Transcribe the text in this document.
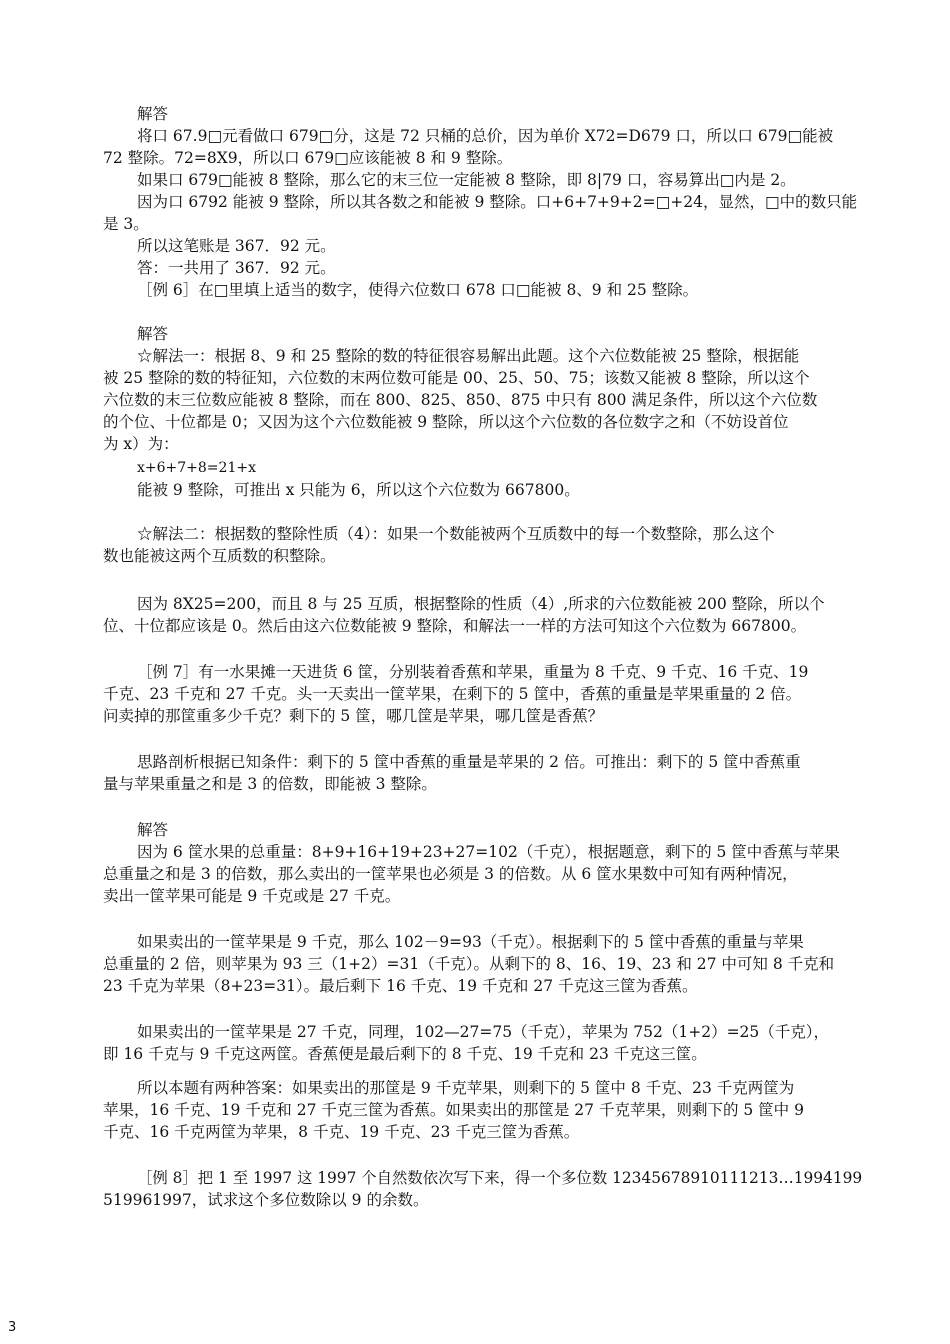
解答
将口 67.9□元看做口 679□分，这是 72 只桶的总价，因为单价 X72=D679 口，所以口 679□能被
72 整除。72=8X9，所以口 679□应该能被 8 和 9 整除。
如果口 679□能被 8 整除，那么它的末三位一定能被 8 整除，即 8|79 口，容易算出□内是 2。
因为口 6792 能被 9 整除，所以其各数之和能被 9 整除。口+6+7+9+2=□+24，显然，□中的数只能
是 3。
所以这笔账是 367．92 元。
答：一共用了 367．92 元。
［例 6］在□里填上适当的数字，使得六位数口 678 口□能被 8、9 和 25 整除。
解答
☆解法一：根据 8、9 和 25 整除的数的特征很容易解出此题。这个六位数能被 25 整除，根据能
被 25 整除的数的特征知，六位数的末两位数可能是 00、25、50、75；该数又能被 8 整除，所以这个
六位数的末三位数应能被 8 整除，而在 800、825、850、875 中只有 800 满足条件，所以这个六位数
的个位、十位都是 0；又因为这个六位数能被 9 整除，所以这个六位数的各位数字之和（不妨设首位
为 x）为：
x+6+7+8=21+x
能被 9 整除，可推出 x 只能为 6，所以这个六位数为 667800。
☆解法二：根据数的整除性质（4）：如果一个数能被两个互质数中的每一个数整除，那么这个
数也能被这两个互质数的积整除。
因为 8X25=200，而且 8 与 25 互质，根据整除的性质（4）,所求的六位数能被 200 整除，所以个
位、十位都应该是 0。然后由这六位数能被 9 整除，和解法一一样的方法可知这个六位数为 667800。
［例 7］有一水果摊一天进货 6 筐，分别装着香蕉和苹果，重量为 8 千克、9 千克、16 千克、19
千克、23 千克和 27 千克。头一天卖出一筐苹果，在剩下的 5 筐中，香蕉的重量是苹果重量的 2 倍。
问卖掉的那筐重多少千克？剩下的 5 筐，哪几筐是苹果，哪几筐是香蕉？
思路剖析根据已知条件：剩下的 5 筐中香蕉的重量是苹果的 2 倍。可推出：剩下的 5 筐中香蕉重
量与苹果重量之和是 3 的倍数，即能被 3 整除。
解答
因为 6 筐水果的总重量：8+9+16+19+23+27=102（千克），根据题意，剩下的 5 筐中香蕉与苹果
总重量之和是 3 的倍数，那么卖出的一筐苹果也必须是 3 的倍数。从 6 筐水果数中可知有两种情况，
卖出一筐苹果可能是 9 千克或是 27 千克。
如果卖出的一筐苹果是 9 千克，那么 102－9=93（千克）。根据剩下的 5 筐中香蕉的重量与苹果
总重量的 2 倍，则苹果为 93 三（1+2）=31（千克）。从剩下的 8、16、19、23 和 27 中可知 8 千克和
23 千克为苹果（8+23=31）。最后剩下 16 千克、19 千克和 27 千克这三筐为香蕉。
如果卖出的一筐苹果是 27 千克，同理，102—27=75（千克），苹果为 752（1+2）=25（千克），
即 16 千克与 9 千克这两筐。香蕉便是最后剩下的 8 千克、19 千克和 23 千克这三筐。
所以本题有两种答案：如果卖出的那筐是 9 千克苹果，则剩下的 5 筐中 8 千克、23 千克两筐为
苹果，16 千克、19 千克和 27 千克三筐为香蕉。如果卖出的那筐是 27 千克苹果，则剩下的 5 筐中 9
千克、16 千克两筐为苹果，8 千克、19 千克、23 千克三筐为香蕉。
［例 8］把 1 至 1997 这 1997 个自然数依次写下来，得一个多位数 12345678910111213…1994199
519961997，试求这个多位数除以 9 的余数。
3
